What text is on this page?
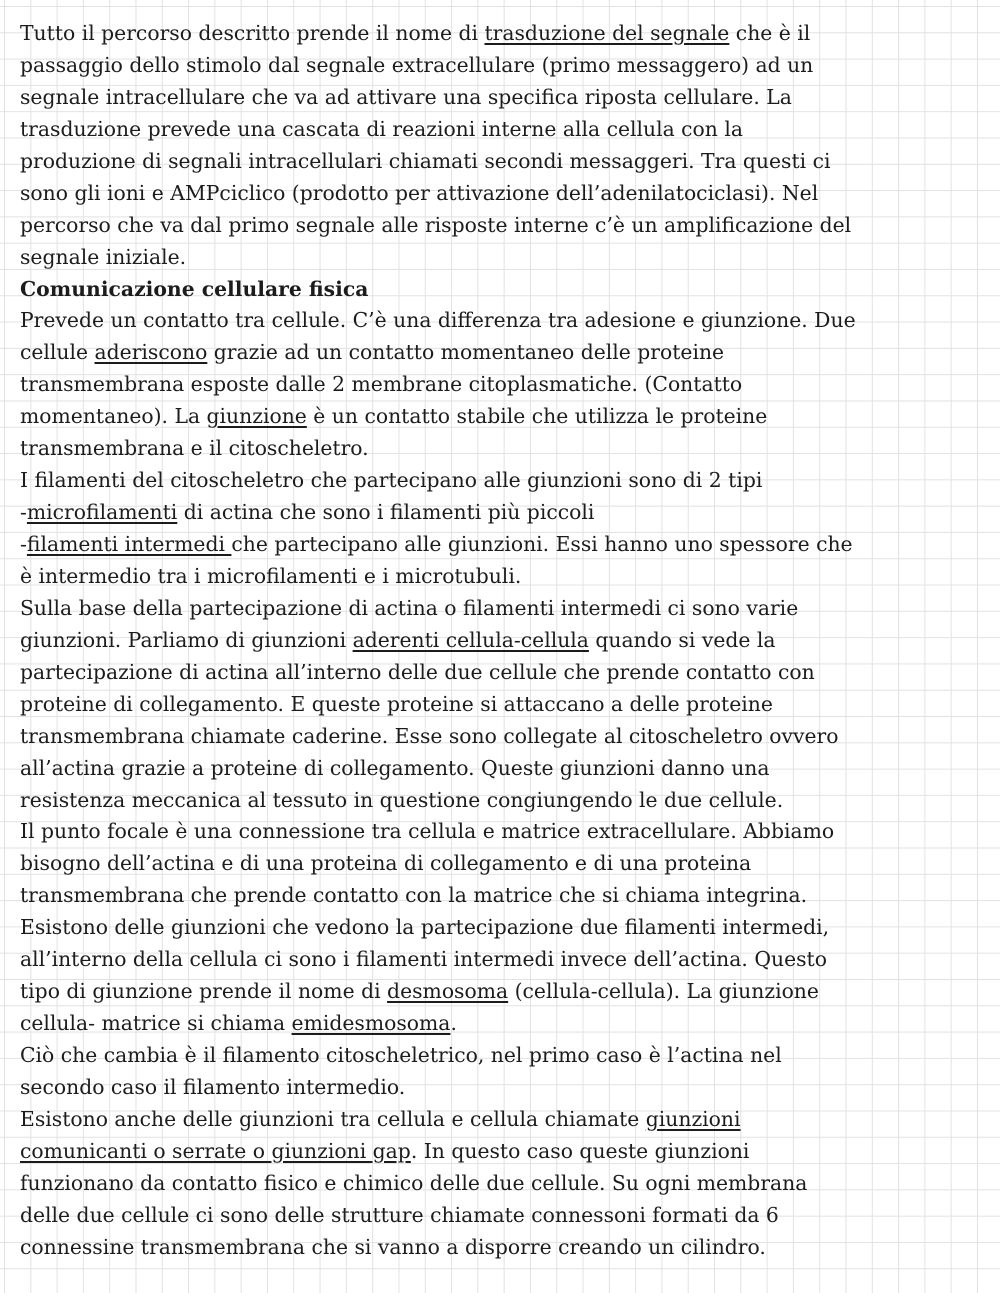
Tutto il percorso descritto prende il nome di trasduzione del segnale che è il
passaggio dello stimolo dal segnale extracellulare (primo messaggero) ad un
segnale intracellulare che va ad attivare una specifica riposta cellulare. La
trasduzione prevede una cascata di reazioni interne alla cellula con la
produzione di segnali intracellulari chiamati secondi messaggeri. Tra questi ci
sono gli ioni e AMPciclico (prodotto per attivazione dell’adenilatociclasi). Nel
percorso che va dal primo segnale alle risposte interne c’è un amplificazione del
segnale iniziale.
Comunicazione cellulare fisica
Prevede un contatto tra cellule. C’è una differenza tra adesione e giunzione. Due
cellule aderiscono grazie ad un contatto momentaneo delle proteine
transmembrana esposte dalle 2 membrane citoplasmatiche. (Contatto
momentaneo). La giunzione è un contatto stabile che utilizza le proteine
transmembrana e il citoscheletro.
I filamenti del citoscheletro che partecipano alle giunzioni sono di 2 tipi
-microfilamenti di actina che sono i filamenti più piccoli
-filamenti intermedi che partecipano alle giunzioni. Essi hanno uno spessore che
è intermedio tra i microfilamenti e i microtubuli.
Sulla base della partecipazione di actina o filamenti intermedi ci sono varie
giunzioni. Parliamo di giunzioni aderenti cellula-cellula quando si vede la
partecipazione di actina all’interno delle due cellule che prende contatto con
proteine di collegamento. E queste proteine si attaccano a delle proteine
transmembrana chiamate caderine. Esse sono collegate al citoscheletro ovvero
all’actina grazie a proteine di collegamento. Queste giunzioni danno una
resistenza meccanica al tessuto in questione congiungendo le due cellule.
Il punto focale è una connessione tra cellula e matrice extracellulare. Abbiamo
bisogno dell’actina e di una proteina di collegamento e di una proteina
transmembrana che prende contatto con la matrice che si chiama integrina.
Esistono delle giunzioni che vedono la partecipazione due filamenti intermedi,
all’interno della cellula ci sono i filamenti intermedi invece dell’actina. Questo
tipo di giunzione prende il nome di desmosoma (cellula-cellula). La giunzione
cellula- matrice si chiama emidesmosoma.
Ciò che cambia è il filamento citoscheletrico, nel primo caso è l’actina nel
secondo caso il filamento intermedio.
Esistono anche delle giunzioni tra cellula e cellula chiamate giunzioni
comunicanti o serrate o giunzioni gap. In questo caso queste giunzioni
funzionano da contatto fisico e chimico delle due cellule. Su ogni membrana
delle due cellule ci sono delle strutture chiamate connessoni formati da 6
connessine transmembrana che si vanno a disporre creando un cilindro.
